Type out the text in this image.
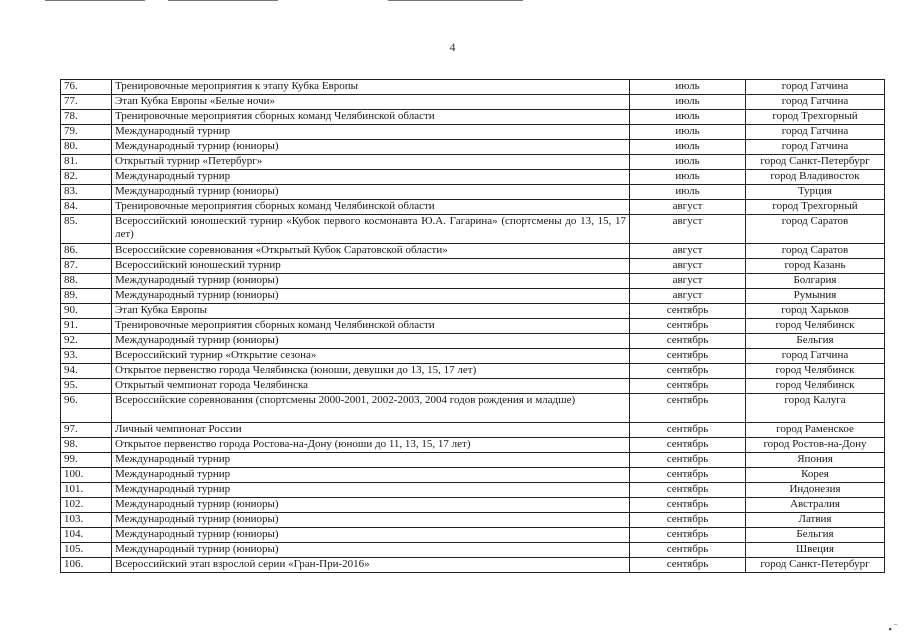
4
76.	Тренировочные мероприятия к этапу Кубка Европы	июль	город Гатчина
77.	Этап Кубка Европы «Белые ночи»	июль	город Гатчина
78.	Тренировочные мероприятия сборных команд Челябинской области	июль	город Трехгорный
79.	Международный турнир	июль	город Гатчина
80.	Международный турнир (юниоры)	июль	город Гатчина
81.	Открытый турнир «Петербург»	июль	город Санкт-Петербург
82.	Международный турнир	июль	город Владивосток
83.	Международный турнир (юниоры)	июль	Турция
84.	Тренировочные мероприятия сборных команд Челябинской области	август	город Трехгорный
85.	Всероссийский юношеский турнир «Кубок первого космонавта Ю.А. Гагарина» (спортсмены до 13, 15, 17 лет)	август	город Саратов
86.	Всероссийские соревнования «Открытый Кубок Саратовской области»	август	город Саратов
87.	Всероссийский юношеский турнир	август	город Казань
88.	Международный турнир (юниоры)	август	Болгария
89.	Международный турнир (юниоры)	август	Румыния
90.	Этап Кубка Европы	сентябрь	город Харьков
91.	Тренировочные мероприятия сборных команд Челябинской области	сентябрь	город Челябинск
92.	Международный турнир (юниоры)	сентябрь	Бельгия
93.	Всероссийский турнир «Открытие сезона»	сентябрь	город Гатчина
94.	Открытое первенство города Челябинска (юноши, девушки до 13, 15, 17 лет)	сентябрь	город Челябинск
95.	Открытый чемпионат города Челябинска	сентябрь	город Челябинск
96.	Всероссийские соревнования (спортсмены 2000-2001, 2002-2003, 2004 годов рождения и младше)	сентябрь	город Калуга
97.	Личный чемпионат России	сентябрь	город Раменское
98.	Открытое первенство города Ростова-на-Дону (юноши до 11, 13, 15, 17 лет)	сентябрь	город Ростов-на-Дону
99.	Международный турнир	сентябрь	Япония
100.	Международный турнир	сентябрь	Корея
101.	Международный турнир	сентябрь	Индонезия
102.	Международный турнир (юниоры)	сентябрь	Австралия
103.	Международный турнир (юниоры)	сентябрь	Латвия
104.	Международный турнир (юниоры)	сентябрь	Бельгия
105.	Международный турнир (юниоры)	сентябрь	Швеция
106.	Всероссийский этап взрослой серии «Гран-При-2016»	сентябрь	город Санкт-Петербург
▪ ‾
